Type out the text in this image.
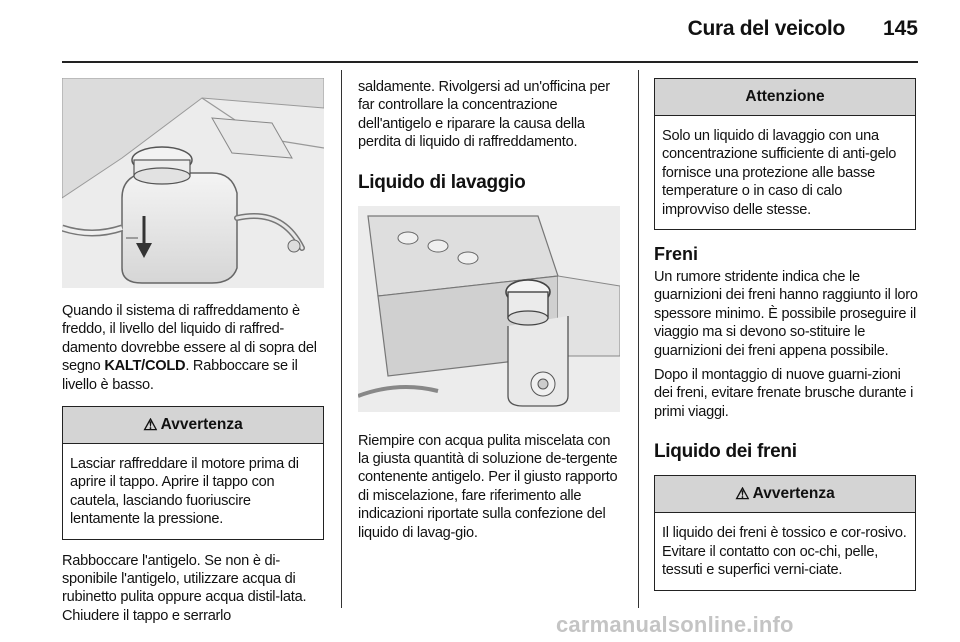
Cura del veicolo 145
Quando il sistema di raffreddamento è freddo, il livello del liquido di raffred-damento dovrebbe essere al di sopra del segno KALT/COLD. Rabboccare se il livello è basso.
⚠ Avvertenza
Lasciar raffreddare il motore prima di aprire il tappo. Aprire il tappo con cautela, lasciando fuoriuscire lentamente la pressione.
Rabboccare l'antigelo. Se non è di-sponibile l'antigelo, utilizzare acqua di rubinetto pulita oppure acqua distil-lata. Chiudere il tappo e serrarlo
saldamente. Rivolgersi ad un'officina per far controllare la concentrazione dell'antigelo e riparare la causa della perdita di liquido di raffreddamento.
Liquido di lavaggio
Riempire con acqua pulita miscelata con la giusta quantità di soluzione de-tergente contenente antigelo. Per il giusto rapporto di miscelazione, fare riferimento alle indicazioni riportate sulla confezione del liquido di lavag-gio.
Attenzione
Solo un liquido di lavaggio con una concentrazione sufficiente di anti-gelo fornisce una protezione alle basse temperature o in caso di calo improvviso delle stesse.
Freni
Un rumore stridente indica che le guarnizioni dei freni hanno raggiunto il loro spessore minimo. È possibile proseguire il viaggio ma si devono so-stituire le guarnizioni dei freni appena possibile.
Dopo il montaggio di nuove guarni-zioni dei freni, evitare frenate brusche durante i primi viaggi.
Liquido dei freni
⚠ Avvertenza
Il liquido dei freni è tossico e cor-rosivo. Evitare il contatto con oc-chi, pelle, tessuti e superfici verni-ciate.
carmanualsonline.info
